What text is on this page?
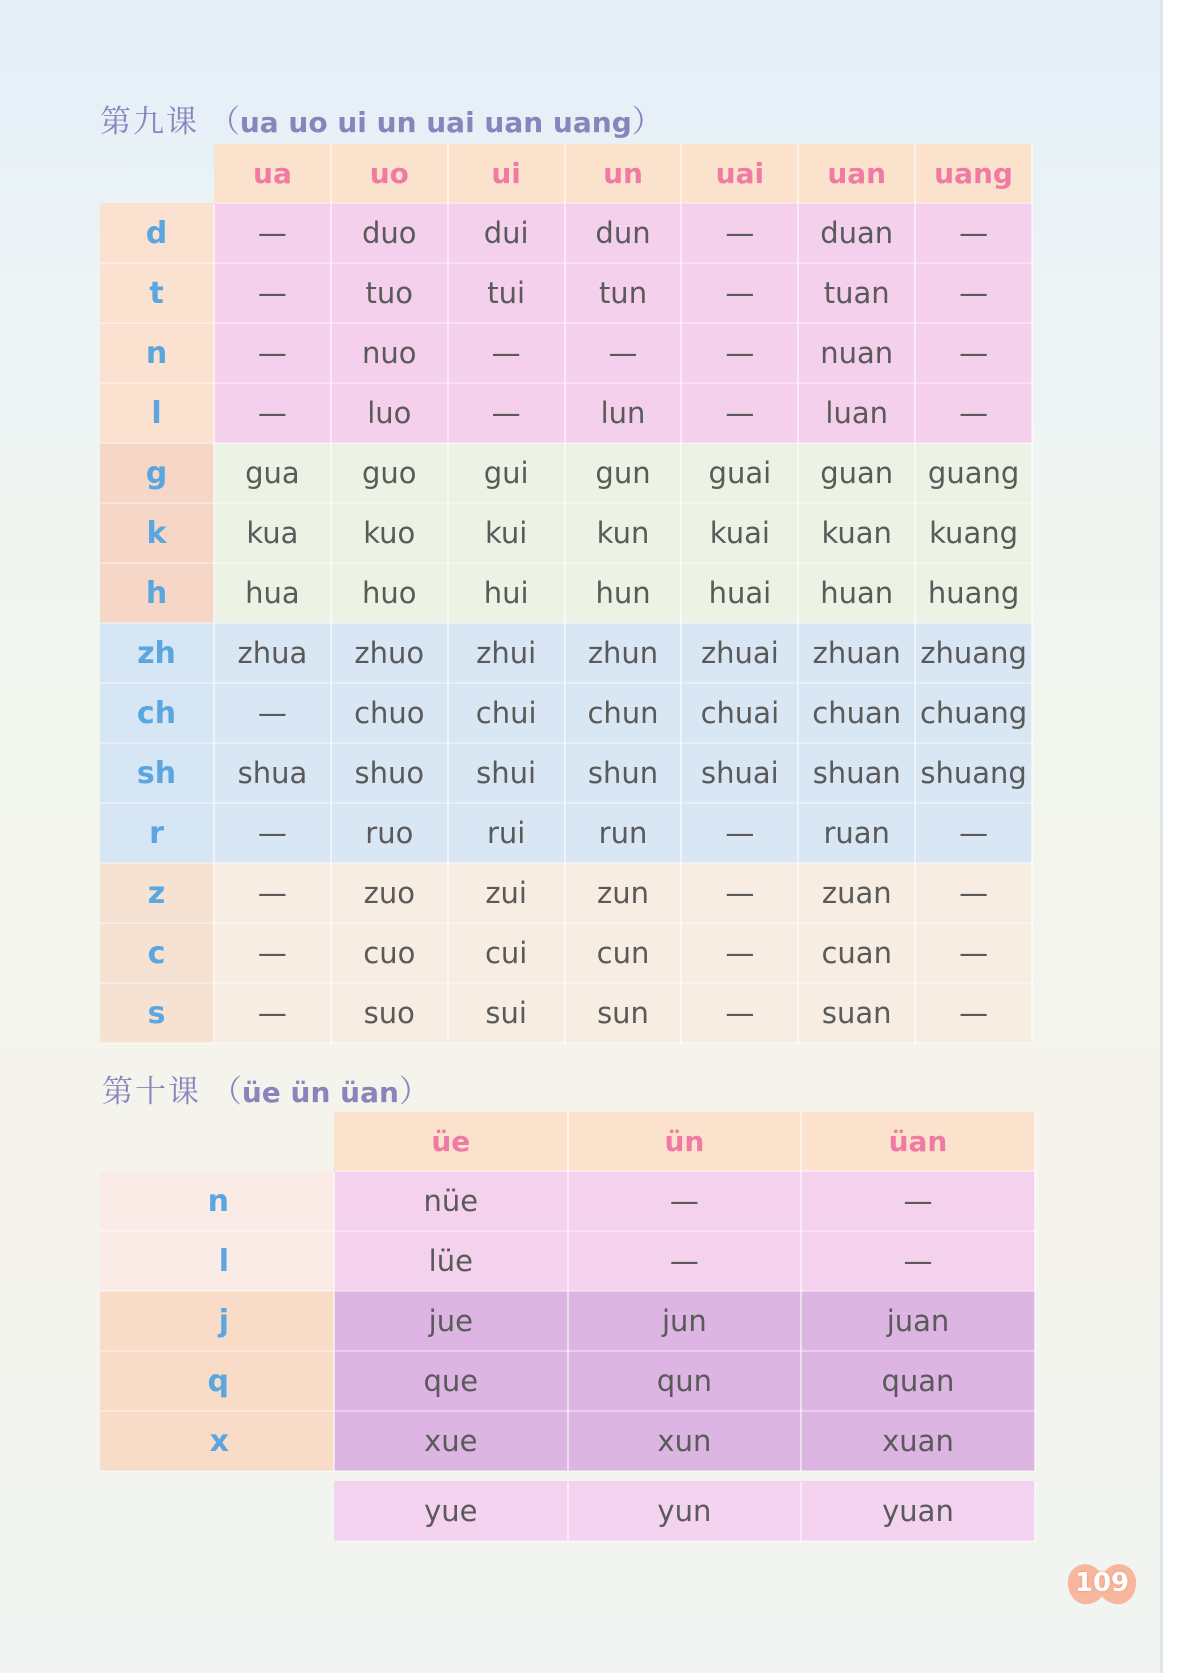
第九课 （ua uo ui un uai uan uang）
	ua	uo	ui	un	uai	uan	uang
d	—	duo	dui	dun	—	duan	—
t	—	tuo	tui	tun	—	tuan	—
n	—	nuo	—	—	—	nuan	—
l	—	luo	—	lun	—	luan	—
g	gua	guo	gui	gun	guai	guan	guang
k	kua	kuo	kui	kun	kuai	kuan	kuang
h	hua	huo	hui	hun	huai	huan	huang
zh	zhua	zhuo	zhui	zhun	zhuai	zhuan	zhuang
ch	—	chuo	chui	chun	chuai	chuan	chuang
sh	shua	shuo	shui	shun	shuai	shuan	shuang
r	—	ruo	rui	run	—	ruan	—
z	—	zuo	zui	zun	—	zuan	—
c	—	cuo	cui	cun	—	cuan	—
s	—	suo	sui	sun	—	suan	—
第十课 （üe ün üan）
	üe	ün	üan
n	nüe	—	—
l	lüe	—	—
j	jue	jun	juan
q	que	qun	quan
x	xue	xun	xuan

	yue	yun	yuan
109
